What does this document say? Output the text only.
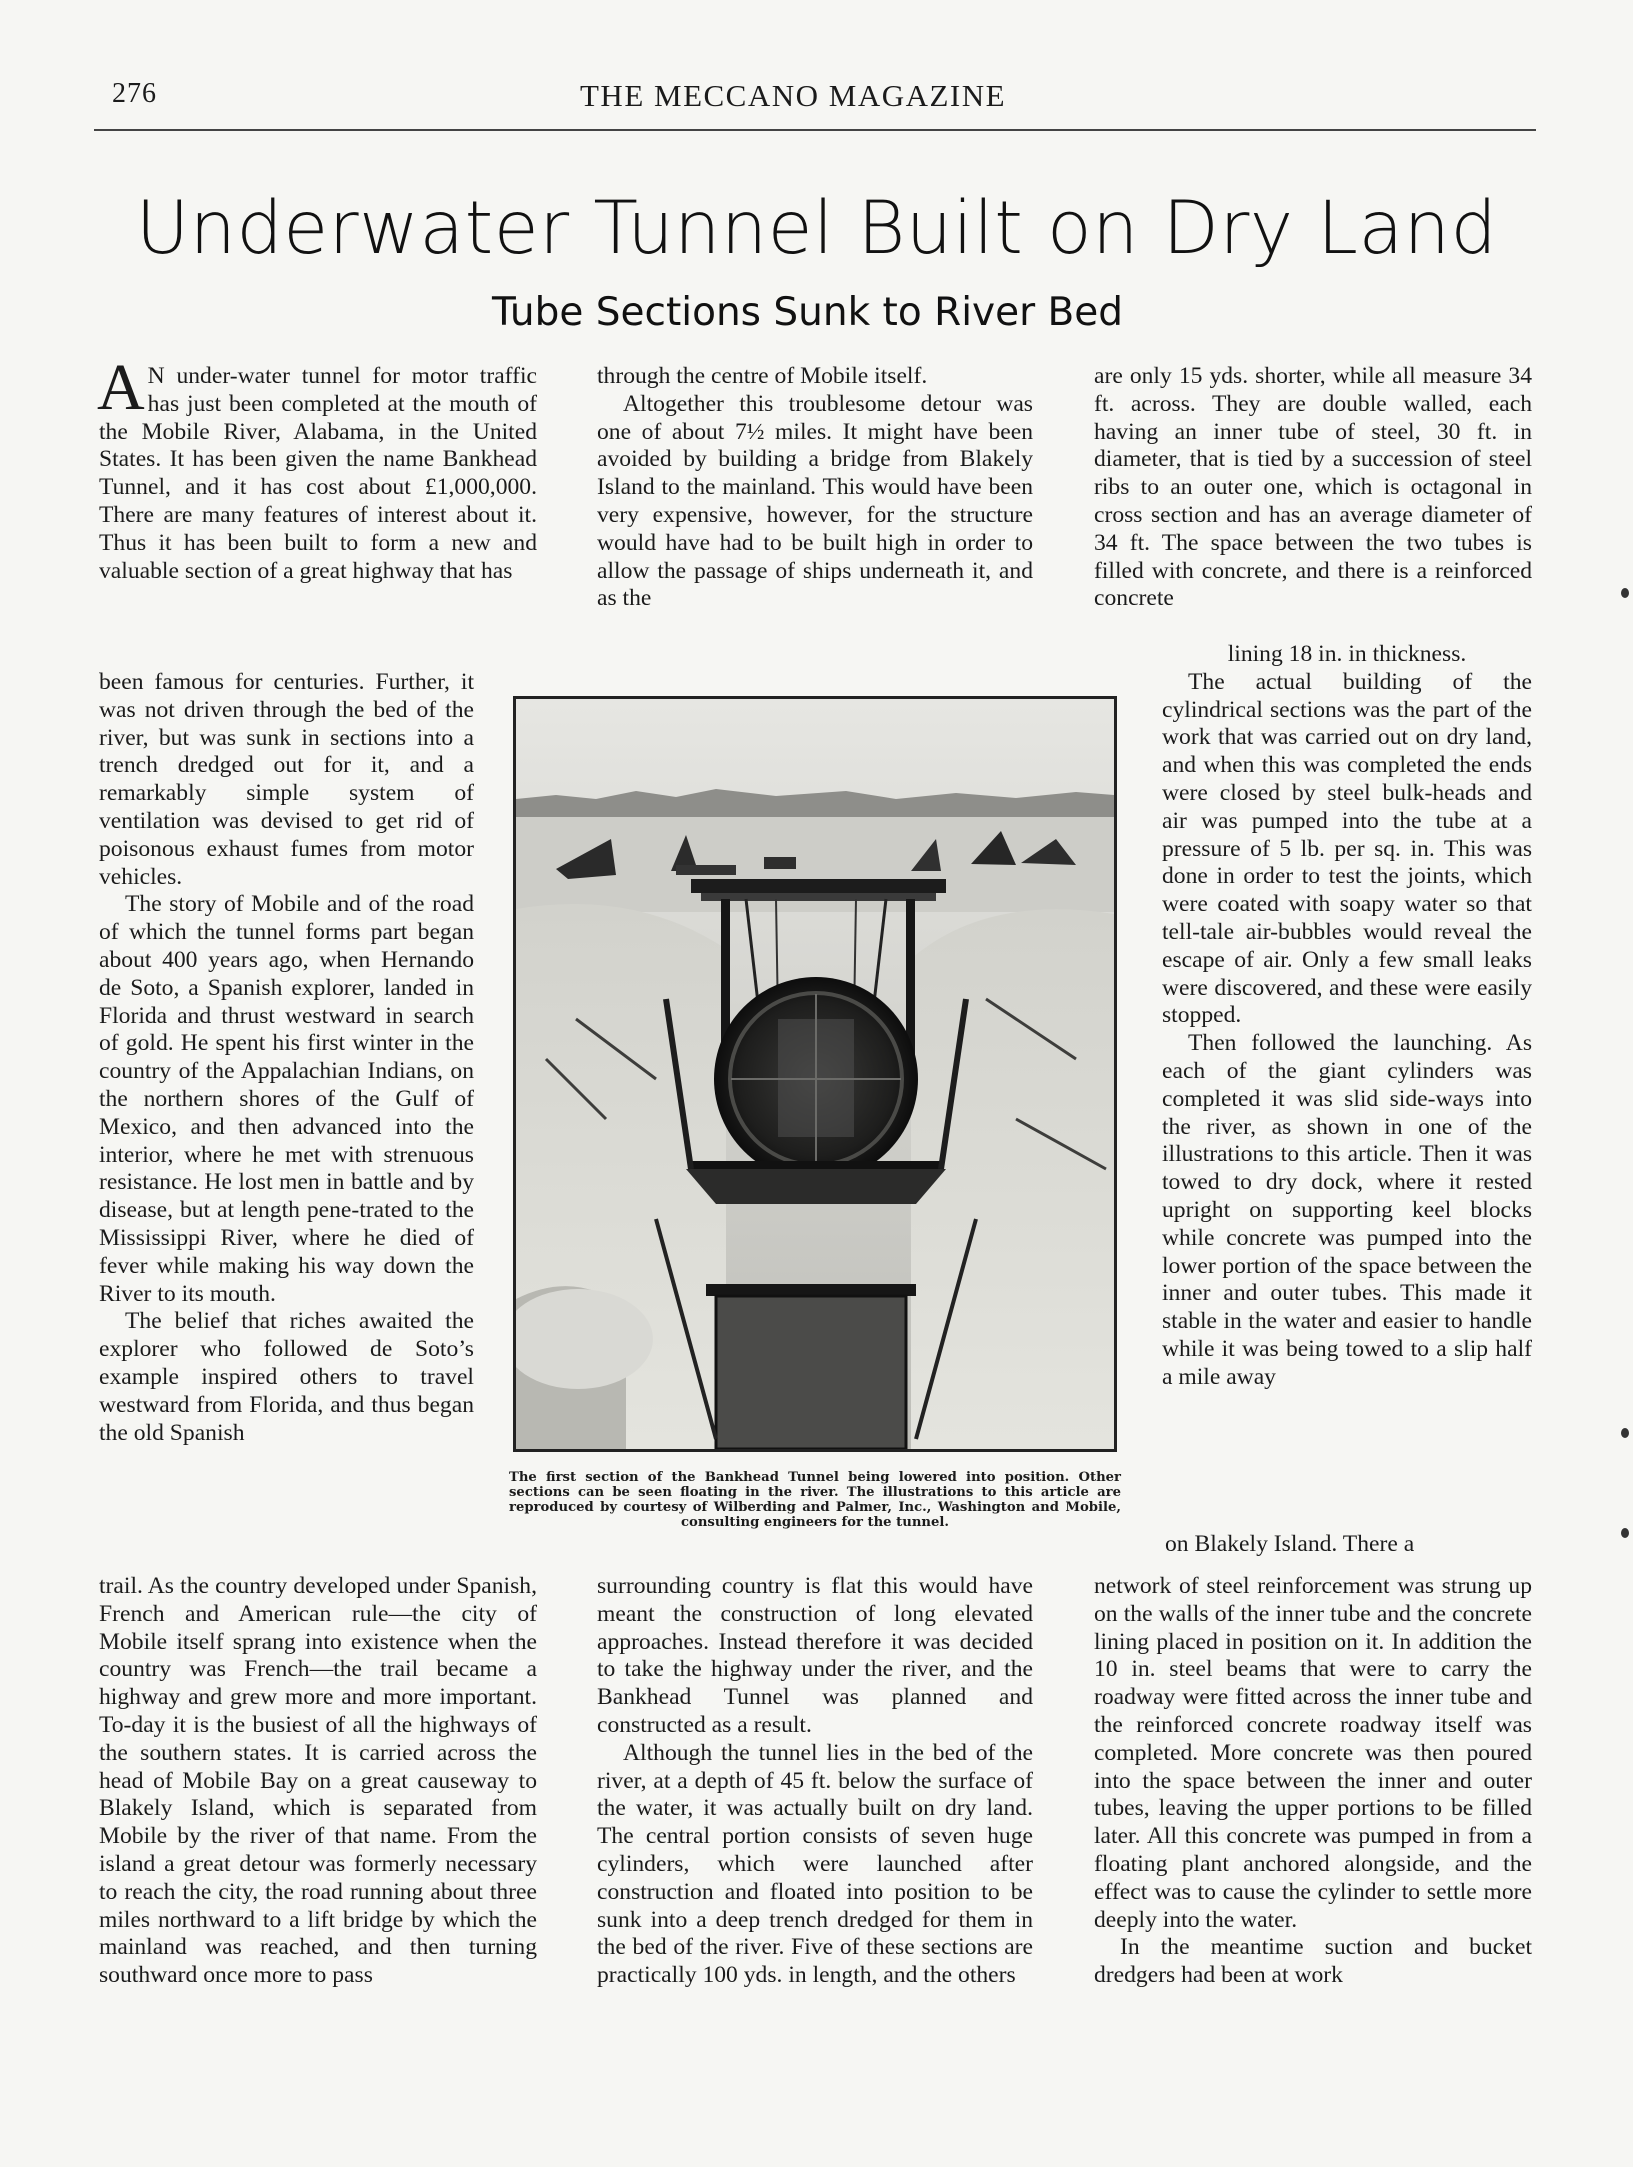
276	THE MECCANO MAGAZINE
Underwater Tunnel Built on Dry Land
Tube Sections Sunk to River Bed

A N under-water tunnel for motor traffic has just been completed at the mouth of the Mobile River, Alabama, in the United States. It has been given the name Bankhead Tunnel, and it has cost about £1,000,000. There are many features of interest about it. Thus it has been built to form a new and valuable section of a great highway that has

been famous for centuries. Further, it was not driven through the bed of the river, but was sunk in sections into a trench dredged out for it, and a remarkably simple system of ventilation was devised to get rid of poisonous exhaust fumes from motor vehicles.

The story of Mobile and of the road of which the tunnel forms part began about 400 years ago, when Hernando de Soto, a Spanish explorer, landed in Florida and thrust westward in search of gold. He spent his first winter in the country of the Appalachian Indians, on the northern shores of the Gulf of Mexico, and then advanced into the interior, where he met with strenuous resistance. He lost men in battle and by disease, but at length pene-trated to the Mississippi River, where he died of fever while making his way down the River to its mouth.

The belief that riches awaited the explorer who followed de Soto’s example inspired others to travel westward from Florida, and thus began the old Spanish

trail. As the country developed under Spanish, French and American rule—the city of Mobile itself sprang into existence when the country was French—the trail became a highway and grew more and more important. To-day it is the busiest of all the highways of the southern states. It is carried across the head of Mobile Bay on a great causeway to Blakely Island, which is separated from Mobile by the river of that name. From the island a great detour was formerly necessary to reach the city, the road running about three miles northward to a lift bridge by which the mainland was reached, and then turning southward once more to pass

through the centre of Mobile itself.

Altogether this troublesome detour was one of about 7½ miles. It might have been avoided by building a bridge from Blakely Island to the mainland. This would have been very expensive, however, for the structure would have had to be built high in order to allow the passage of ships underneath it, and as the

surrounding country is flat this would have meant the construction of long elevated approaches. Instead therefore it was decided to take the highway under the river, and the Bankhead Tunnel was planned and constructed as a result.

Although the tunnel lies in the bed of the river, at a depth of 45 ft. below the surface of the water, it was actually built on dry land. The central portion consists of seven huge cylinders, which were launched after construction and floated into position to be sunk into a deep trench dredged for them in the bed of the river. Five of these sections are practically 100 yds. in length, and the others

are only 15 yds. shorter, while all measure 34 ft. across. They are double walled, each having an inner tube of steel, 30 ft. in diameter, that is tied by a succession of steel ribs to an outer one, which is octagonal in cross section and has an average diameter of 34 ft. The space between the two tubes is filled with concrete, and there is a reinforced concrete

lining 18 in. in thickness.

The actual building of the cylindrical sections was the part of the work that was carried out on dry land, and when this was completed the ends were closed by steel bulk-heads and air was pumped into the tube at a pressure of 5 lb. per sq. in. This was done in order to test the joints, which were coated with soapy water so that tell-tale air-bubbles would reveal the escape of air. Only a few small leaks were discovered, and these were easily stopped.

Then followed the launching. As each of the giant cylinders was completed it was slid side-ways into the river, as shown in one of the illustrations to this article. Then it was towed to dry dock, where it rested upright on supporting keel blocks while concrete was pumped into the lower portion of the space between the inner and outer tubes. This made it stable in the water and easier to handle while it was being towed to a slip half a mile away

on Blakely Island. There a

network of steel reinforcement was strung up on the walls of the inner tube and the concrete lining placed in position on it. In addition the 10 in. steel beams that were to carry the roadway were fitted across the inner tube and the reinforced concrete roadway itself was completed. More concrete was then poured into the space between the inner and outer tubes, leaving the upper portions to be filled later. All this concrete was pumped in from a floating plant anchored alongside, and the effect was to cause the cylinder to settle more deeply into the water.

In the meantime suction and bucket dredgers had been at work

The first section of the Bankhead Tunnel being lowered into position. Other sections can be seen floating in the river. The illustrations to this article are reproduced by courtesy of Wilberding and Palmer, Inc., Washington and Mobile, consulting engineers for the tunnel.
